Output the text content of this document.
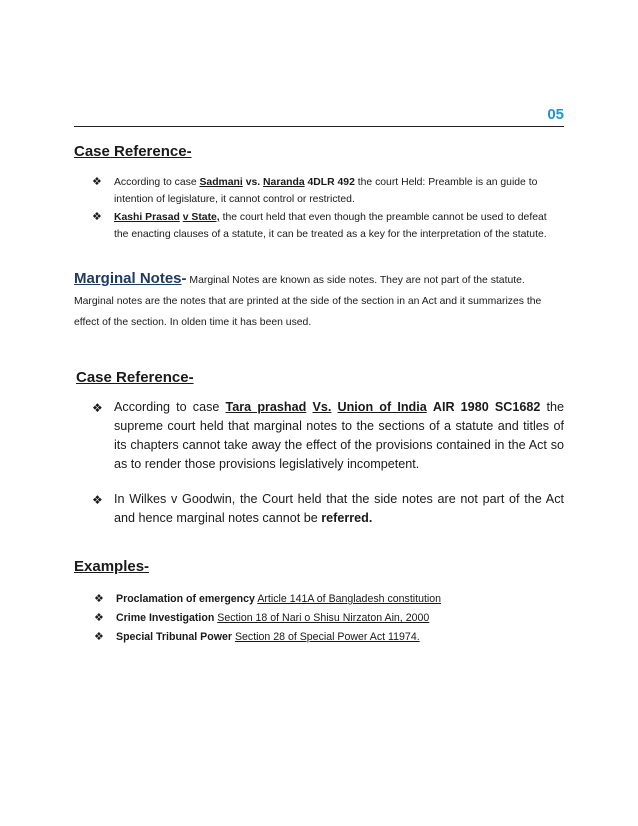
05
Case Reference-
❖ According to case Sadmani vs. Naranda 4DLR 492 the court Held: Preamble is an guide to intention of legislature, it cannot control or restricted.
❖ Kashi Prasad v State, the court held that even though the preamble cannot be used to defeat the enacting clauses of a statute, it can be treated as a key for the interpretation of the statute.
Marginal Notes- Marginal Notes are known as side notes. They are not part of the statute. Marginal notes are the notes that are printed at the side of the section in an Act and it summarizes the effect of the section. In olden time it has been used.
Case Reference-
❖ According to case Tara prashad Vs. Union of India AIR 1980 SC1682 the supreme court held that marginal notes to the sections of a statute and titles of its chapters cannot take away the effect of the provisions contained in the Act so as to render those provisions legislatively incompetent.
❖ In Wilkes v Goodwin, the Court held that the side notes are not part of the Act and hence marginal notes cannot be referred.
Examples-
❖ Proclamation of emergency Article 141A of Bangladesh constitution
❖ Crime Investigation Section 18 of Nari o Shisu Nirzaton Ain, 2000
❖ Special Tribunal Power Section 28 of Special Power Act 11974.
